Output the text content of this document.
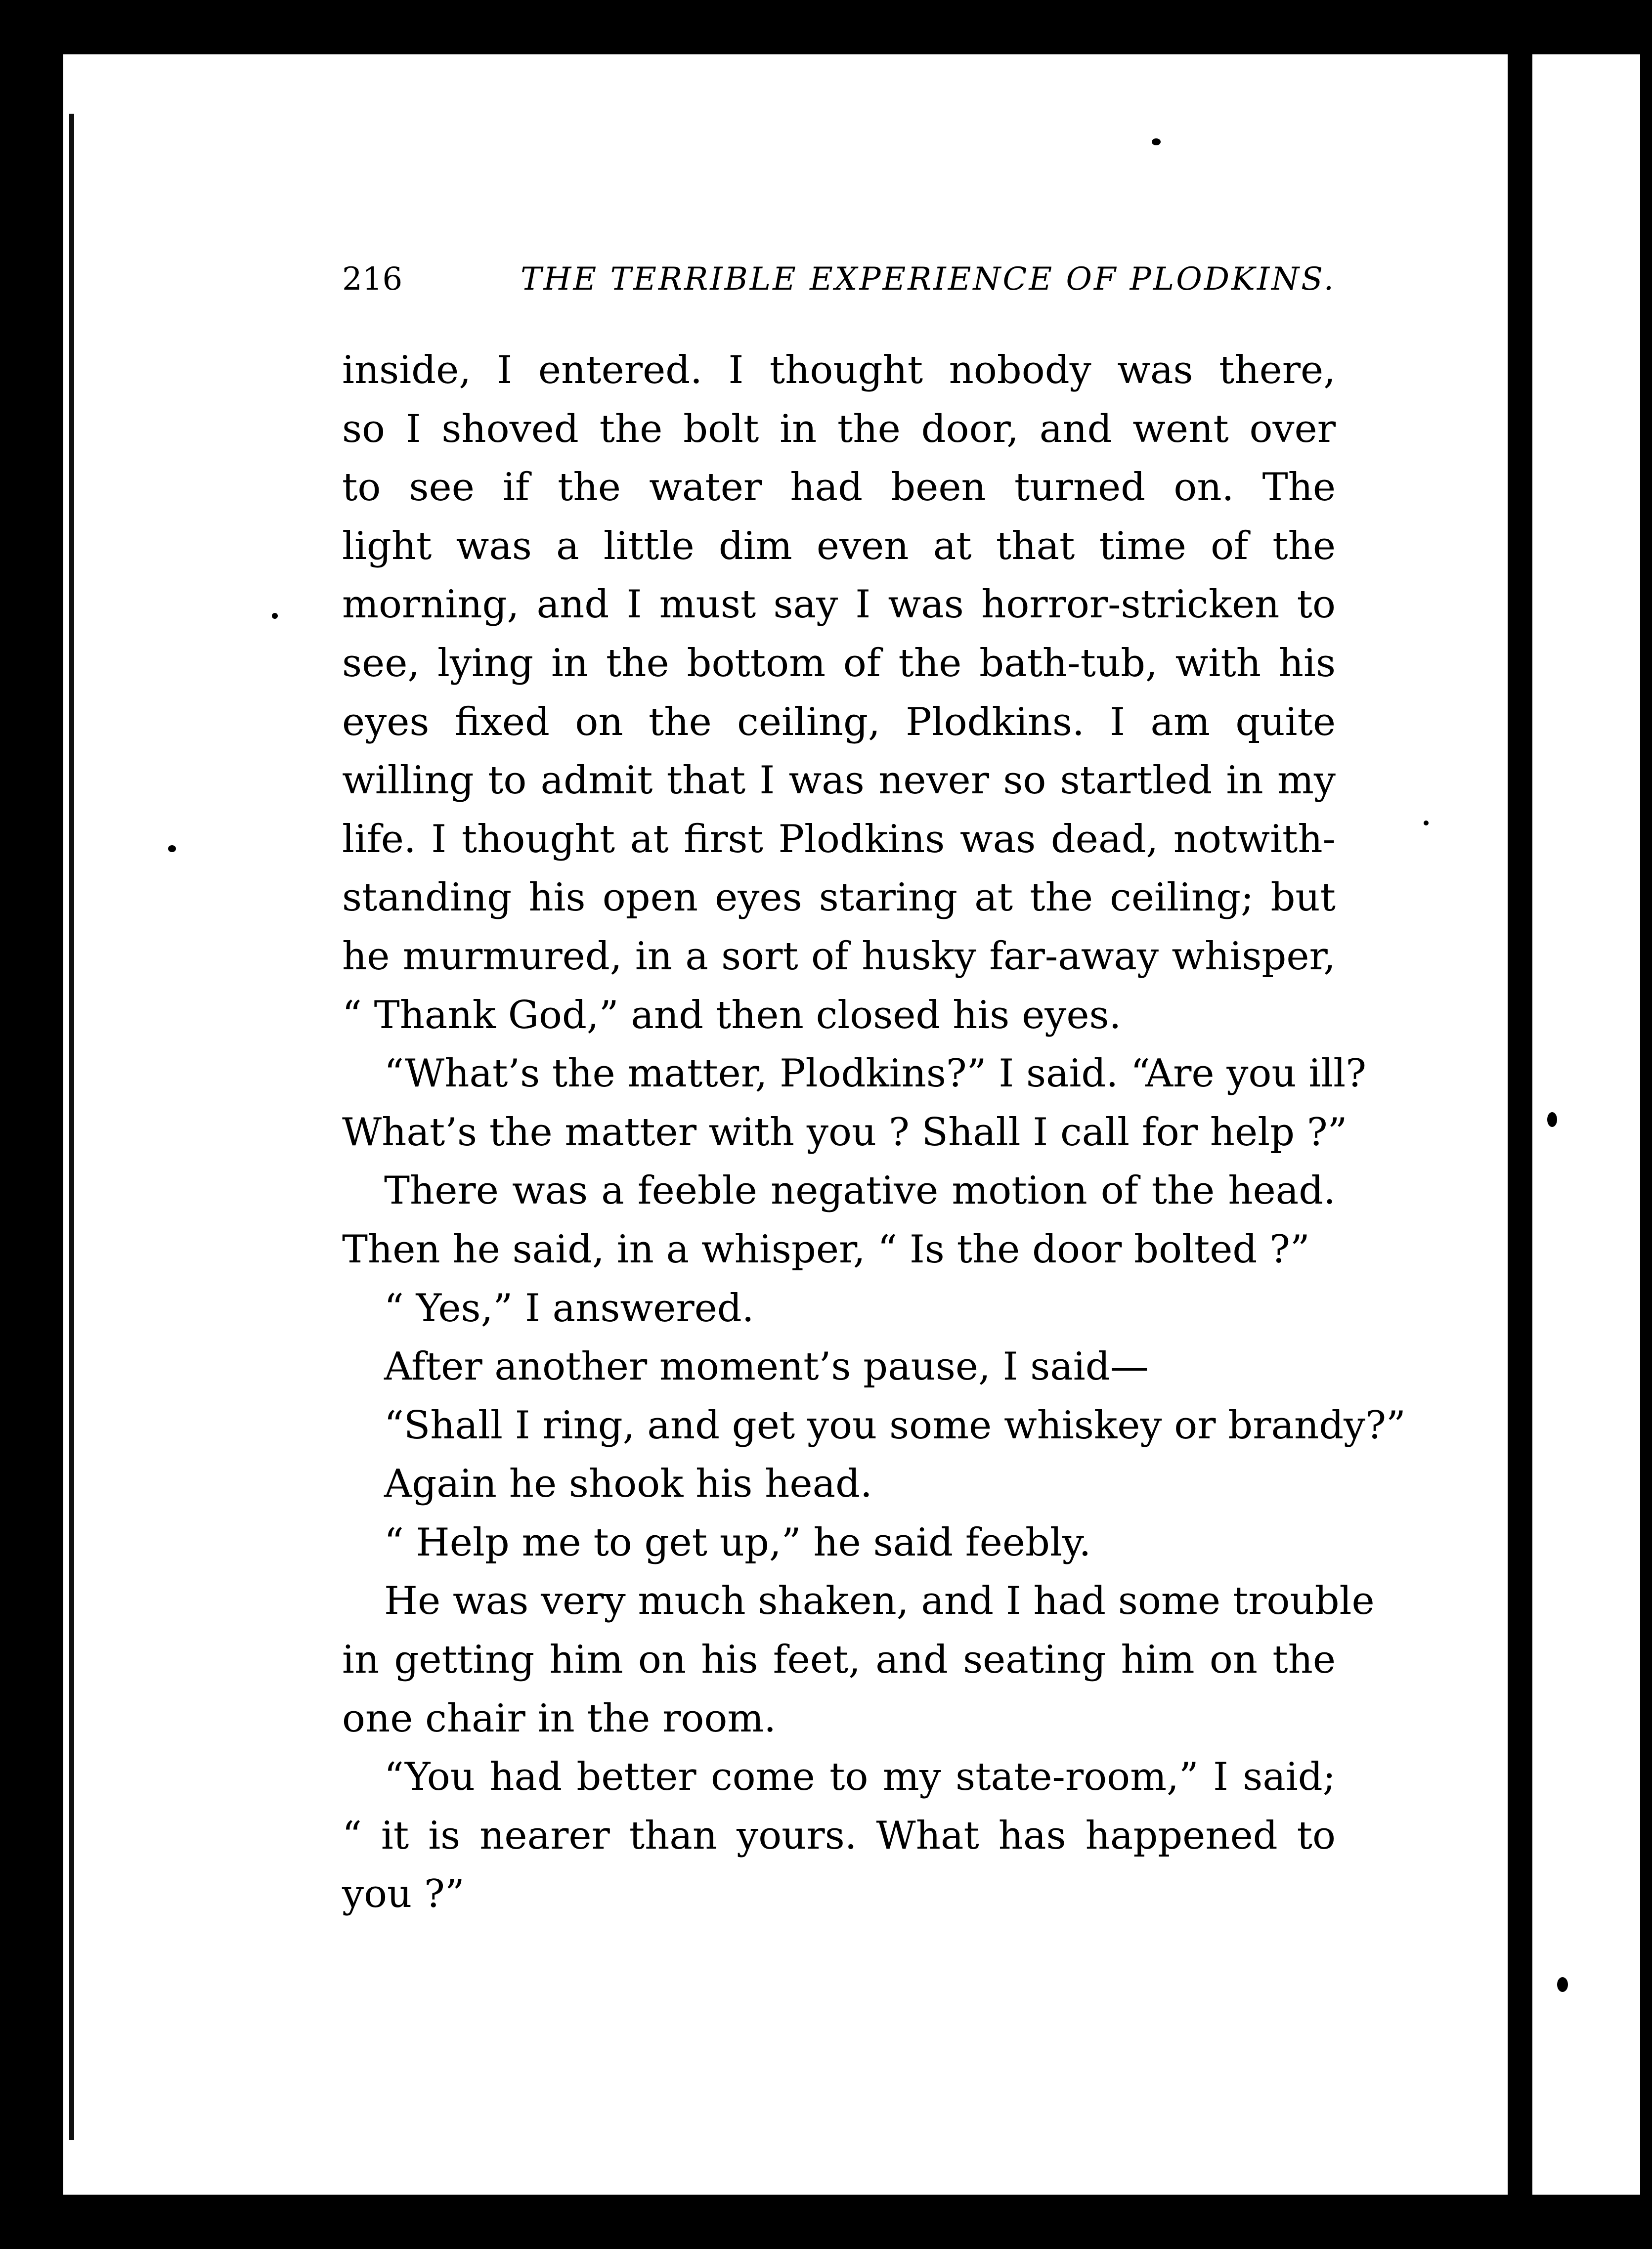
216	THE TERRIBLE EXPERIENCE OF PLODKINS.
inside, I entered. I thought nobody was there,
so I shoved the bolt in the door, and went over
to see if the water had been turned on. The
light was a little dim even at that time of the
morning, and I must say I was horror-stricken to
see, lying in the bottom of the bath-tub, with his
eyes fixed on the ceiling, Plodkins. I am quite
willing to admit that I was never so startled in my
life. I thought at first Plodkins was dead, notwith-
standing his open eyes staring at the ceiling; but
he murmured, in a sort of husky far-away whisper,
“ Thank God,” and then closed his eyes.
“What’s the matter, Plodkins?” I said. “Are you ill?
What’s the matter with you ? Shall I call for help ?”
There was a feeble negative motion of the head.
Then he said, in a whisper, “ Is the door bolted ?”
“ Yes,” I answered.
After another moment’s pause, I said—
“Shall I ring, and get you some whiskey or brandy?”
Again he shook his head.
“ Help me to get up,” he said feebly.
He was very much shaken, and I had some trouble
in getting him on his feet, and seating him on the
one chair in the room.
“You had better come to my state-room,” I said;
“ it is nearer than yours. What has happened to
you ?”
